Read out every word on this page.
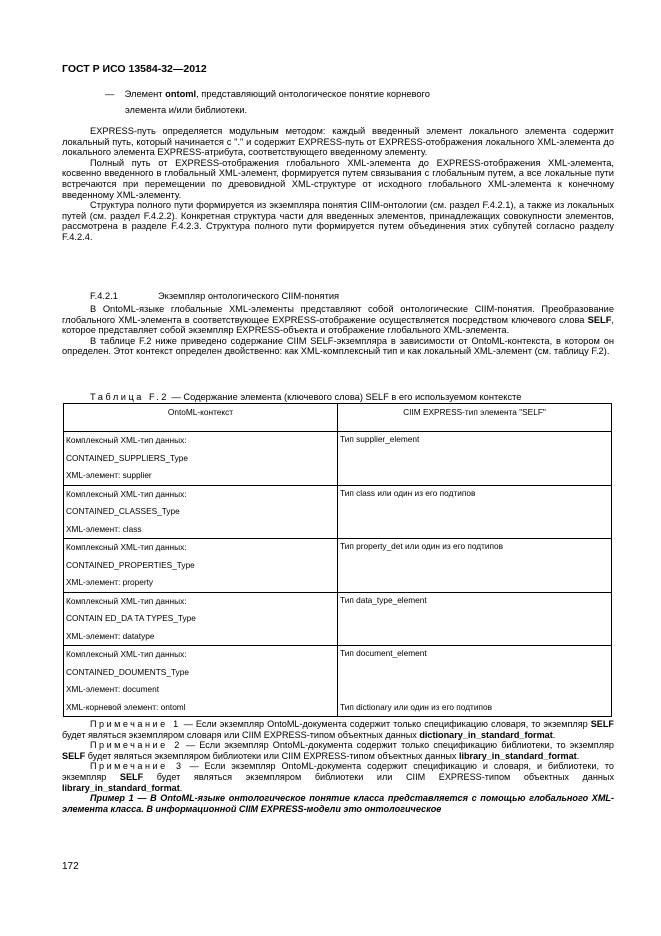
ГОСТ Р ИСО 13584-32—2012
— Элемент ontoml, представляющий онтологическое понятие корневого
элемента и/или библиотеки.

EXPRESS-путь определяется модульным методом: каждый введенный элемент локального элемента содержит локальный путь, который начинается с "." и содержит EXPRESS-путь от EXPRESS-отображения локального XML-элемента до локального элемента EXPRESS-атрибута, соответствующего введенному элементу.

Полный путь от EXPRESS-отображения глобального XML-элемента до EXPRESS-отображения XML-элемента, косвенно введенного в глобальный XML-элемент, формируется путем связывания с глобальным путем, а все локальные пути встречаются при перемещении по древовидной XML-структуре от исходного глобального XML-элемента к конечному введенному XML-элементу.

Структура полного пути формируется из экземпляра понятия CIIM-онтологии (см. раздел F.4.2.1), а также из локальных путей (см. раздел F.4.2.2). Конкретная структура части для введенных элементов, принадлежащих совокупности элементов, рассмотрена в разделе F.4.2.3. Структура полного пути формируется путем объединения этих субпутей согласно разделу F.4.2.4.

F.4.2.1	Экземпляр онтологического CIIM-понятия

В OntoML-языке глобальные XML-элементы представляют собой онтологические CIIM-понятия. Преобразование глобального XML-элемента в соответствующее EXPRESS-отображение осуществляется посредством ключевого слова SELF, которое представляет собой экземпляр EXPRESS-объекта и отображение глобального XML-элемента.

В таблице F.2 ниже приведено содержание CIIM SELF-экземпляра в зависимости от OntoML-контекста, в котором он определен. Этот контекст определен двойственно: как XML-комплексный тип и как локальный XML-элемент (см. таблицу F.2).

Таблица F.2 — Содержание элемента (ключевого слова) SELF в его используемом контексте
OntoML-контекст	CIIM EXPRESS-тип элемента "SELF"

Комплексный XML-тип данных:
CONTAINED_SUPPLIERS_Type
XML-элемент: supplier	Тип supplier_element

Комплексный XML-тип данных:
CONTAINED_CLASSES_Type
XML-элемент: class	Тип class или один из его подтипов

Комплексный XML-тип данных:
CONTAINED_PROPERTIES_Type
XML-элемент: property	Тип property_det или один из его подтипов

Комплексный XML-тип данных:
CONTAIN ED_DA TA TYPES_Type
XML-элемент: datatype	Тип data_type_element

Комплексный XML-тип данных:
CONTAINED_DOUMENTS_Type
XML-элемент: document	Тип document_element

XML-корневой элемент: ontoml	Тип dictionary или один из его подтипов

Примечание 1 — Если экземпляр OntoML-документа содержит только спецификацию словаря, то экземпляр SELF будет являться экземпляром словаря или CIIM EXPRESS-типом объектных данных dictionary_in_standard_format.

Примечание 2 — Если экземпляр OntoML-документа содержит только спецификацию библиотеки, то экземпляр SELF будет являться экземпляром библиотеки или CIIM EXPRESS-типом объектных данных library_in_standard_format.

Примечание 3 — Если экземпляр OntoML-документа содержит спецификацию и словаря, и библиотеки, то экземпляр SELF будет являться экземпляром библиотеки или CIIM EXPRESS-типом объектных данных library_in_standard_format.

Пример 1 — В OntoML-языке онтологическое понятие класса представляется с помощью глобального XML-элемента класса. В информационной CIIM EXPRESS-модели это онтологическое

172
